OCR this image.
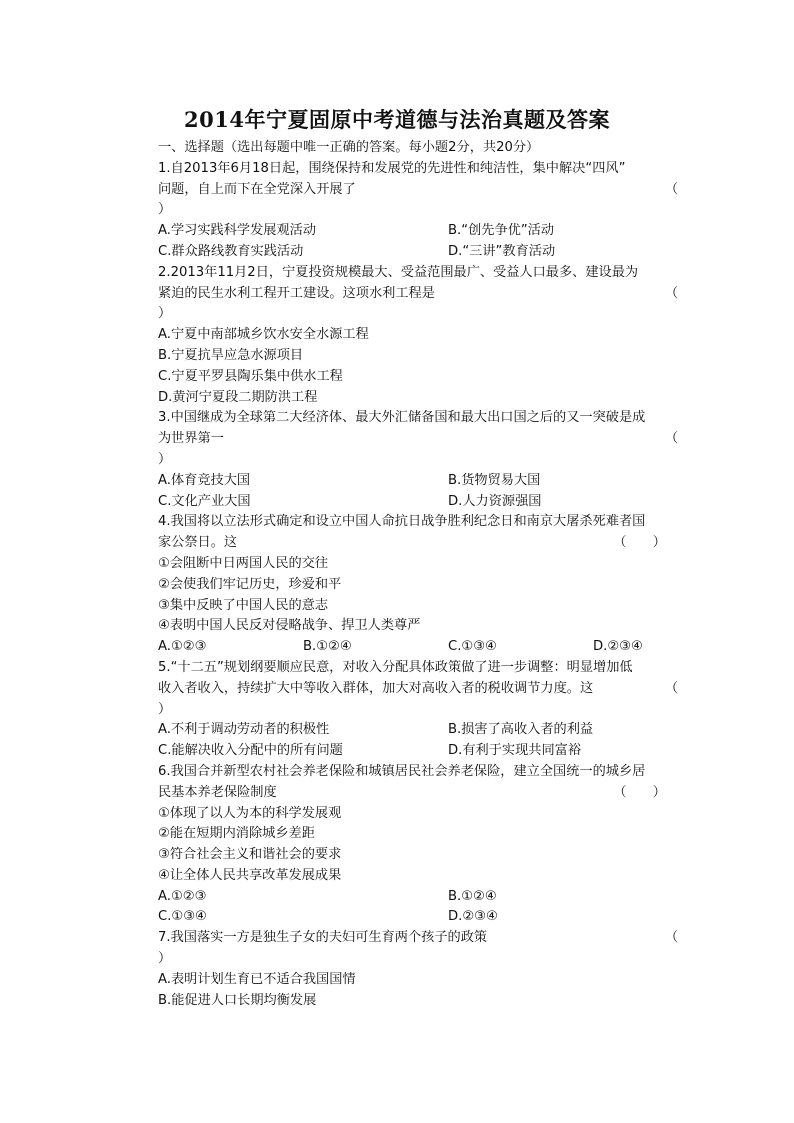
2014年宁夏固原中考道德与法治真题及答案
一、选择题（选出每题中唯一正确的答案。每小题2分，共20分）
1.自2013年6月18日起，围绕保持和发展党的先进性和纯洁性，集中解决“四风”
问题，自上而下在全党深入开展了	（
）
A.学习实践科学发展观活动	B.“创先争优”活动
C.群众路线教育实践活动	D.“三讲”教育活动
2.2013年11月2日，宁夏投资规模最大、受益范围最广、受益人口最多、建设最为
紧迫的民生水利工程开工建设。这项水利工程是	（
）
A.宁夏中南部城乡饮水安全水源工程
B.宁夏抗旱应急水源项目
C.宁夏平罗县陶乐集中供水工程
D.黄河宁夏段二期防洪工程
3.中国继成为全球第二大经济体、最大外汇储备国和最大出口国之后的又一突破是成
为世界第一	（
）
A.体育竞技大国	B.货物贸易大国
C.文化产业大国	D.人力资源强国
4.我国将以立法形式确定和设立中国人命抗日战争胜利纪念日和南京大屠杀死难者国
家公祭日。这	（　　）
①会阻断中日两国人民的交往
②会使我们牢记历史，珍爱和平
③集中反映了中国人民的意志
④表明中国人民反对侵略战争、捍卫人类尊严
A.①②③	B.①②④	C.①③④	D.②③④
5.“十二五”规划纲要顺应民意，对收入分配具体政策做了进一步调整：明显增加低
收入者收入，持续扩大中等收入群体，加大对高收入者的税收调节力度。这	（
）
A.不利于调动劳动者的积极性	B.损害了高收入者的利益
C.能解决收入分配中的所有问题	D.有利于实现共同富裕
6.我国合并新型农村社会养老保险和城镇居民社会养老保险，建立全国统一的城乡居
民基本养老保险制度	（　　）
①体现了以人为本的科学发展观
②能在短期内消除城乡差距
③符合社会主义和谐社会的要求
④让全体人民共享改革发展成果
A.①②③	B.①②④
C.①③④	D.②③④
7.我国落实一方是独生子女的夫妇可生育两个孩子的政策	（
）
A.表明计划生育已不适合我国国情
B.能促进人口长期均衡发展
